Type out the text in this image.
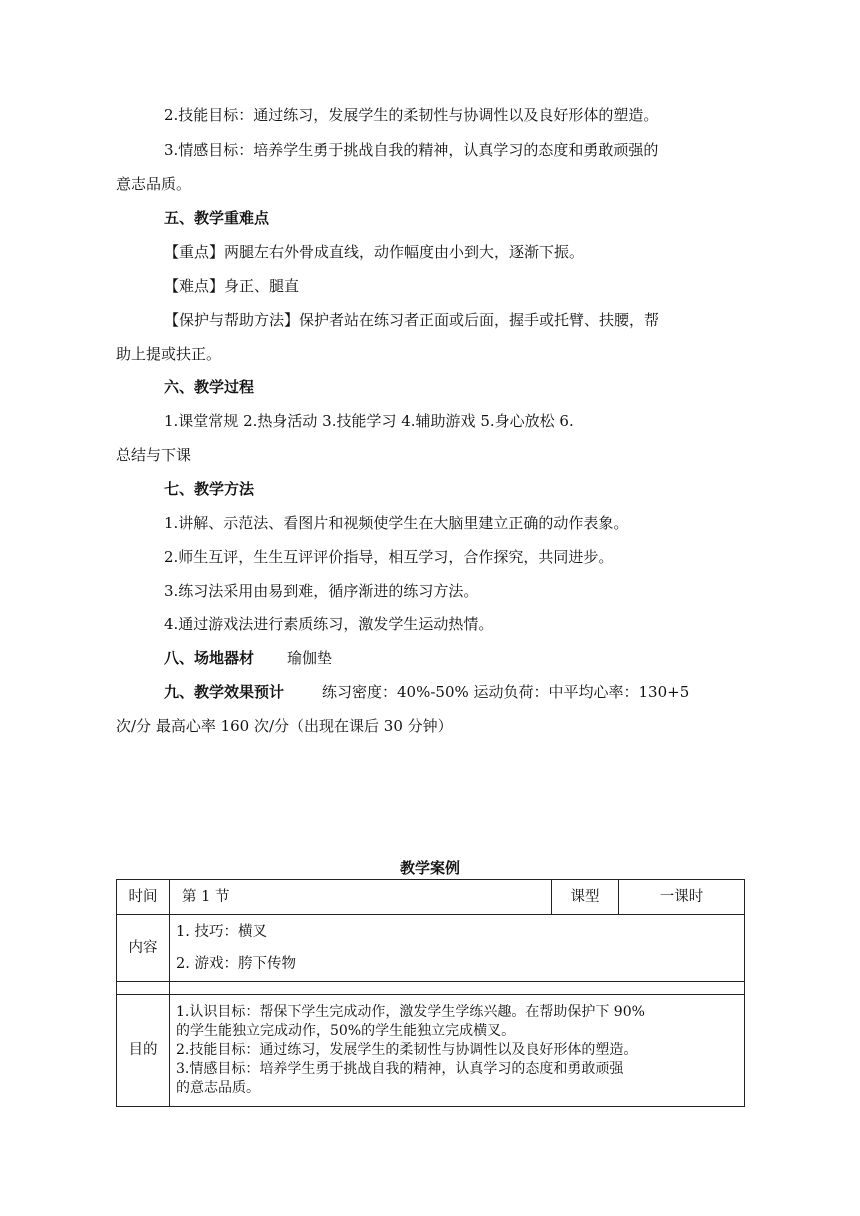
2.技能目标：通过练习，发展学生的柔韧性与协调性以及良好形体的塑造。
3.情感目标：培养学生勇于挑战自我的精神，认真学习的态度和勇敢顽强的
意志品质。
五、教学重难点
【重点】两腿左右外骨成直线，动作幅度由小到大，逐渐下振。
【难点】身正、腿直
【保护与帮助方法】保护者站在练习者正面或后面，握手或托臂、扶腰，帮
助上提或扶正。
六、教学过程
1.课堂常规 2.热身活动 3.技能学习 4.辅助游戏 5.身心放松 6.
总结与下课
七、教学方法
1.讲解、示范法、看图片和视频使学生在大脑里建立正确的动作表象。
2.师生互评，生生互评评价指导，相互学习，合作探究，共同进步。
3.练习法采用由易到难，循序渐进的练习方法。
4.通过游戏法进行素质练习，激发学生运动热情。
八、场地器材 瑜伽垫
九、教学效果预计	练习密度：40%-50% 运动负荷：中平均心率：130+5
次/分 最高心率 160 次/分（出现在课后 30 分钟）
教学案例
时间	第 1 节	课型	一课时
内容	1. 技巧：横叉
2. 游戏：胯下传物		

目的	1.认识目标：帮保下学生完成动作，激发学生学练兴趣。在帮助保护下 90%
的学生能独立完成动作，50%的学生能独立完成横叉。
2.技能目标：通过练习，发展学生的柔韧性与协调性以及良好形体的塑造。
3.情感目标：培养学生勇于挑战自我的精神，认真学习的态度和勇敢顽强
的意志品质。		
